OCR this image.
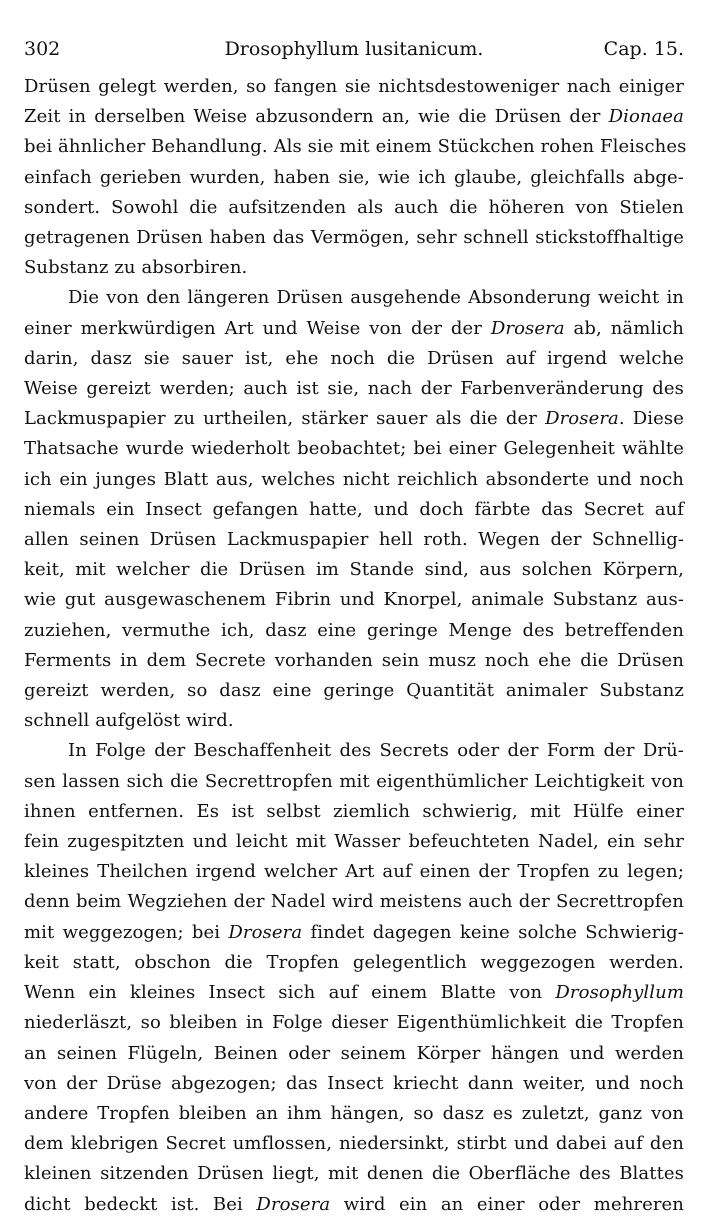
302	Drosophyllum lusitanicum.	Cap. 15.

Drüsen gelegt werden, so fangen sie nichtsdestoweniger nach einiger
Zeit in derselben Weise abzusondern an, wie die Drüsen der Dionaea
bei ähnlicher Behandlung. Als sie mit einem Stückchen rohen Fleisches
einfach gerieben wurden, haben sie, wie ich glaube, gleichfalls abge-
sondert. Sowohl die aufsitzenden als auch die höheren von Stielen
getragenen Drüsen haben das Vermögen, sehr schnell stickstoffhaltige
Substanz zu absorbiren.

Die von den längeren Drüsen ausgehende Absonderung weicht in
einer merkwürdigen Art und Weise von der der Drosera ab, nämlich
darin, dasz sie sauer ist, ehe noch die Drüsen auf irgend welche
Weise gereizt werden; auch ist sie, nach der Farbenveränderung des
Lackmuspapier zu urtheilen, stärker sauer als die der Drosera. Diese
Thatsache wurde wiederholt beobachtet; bei einer Gelegenheit wählte
ich ein junges Blatt aus, welches nicht reichlich absonderte und noch
niemals ein Insect gefangen hatte, und doch färbte das Secret auf
allen seinen Drüsen Lackmuspapier hell roth. Wegen der Schnellig-
keit, mit welcher die Drüsen im Stande sind, aus solchen Körpern,
wie gut ausgewaschenem Fibrin und Knorpel, animale Substanz aus-
zuziehen, vermuthe ich, dasz eine geringe Menge des betreffenden
Ferments in dem Secrete vorhanden sein musz noch ehe die Drüsen
gereizt werden, so dasz eine geringe Quantität animaler Substanz
schnell aufgelöst wird.

In Folge der Beschaffenheit des Secrets oder der Form der Drü-
sen lassen sich die Secrettropfen mit eigenthümlicher Leichtigkeit von
ihnen entfernen. Es ist selbst ziemlich schwierig, mit Hülfe einer
fein zugespitzten und leicht mit Wasser befeuchteten Nadel, ein sehr
kleines Theilchen irgend welcher Art auf einen der Tropfen zu legen;
denn beim Wegziehen der Nadel wird meistens auch der Secrettropfen
mit weggezogen; bei Drosera findet dagegen keine solche Schwierig-
keit statt, obschon die Tropfen gelegentlich weggezogen werden.
Wenn ein kleines Insect sich auf einem Blatte von Drosophyllum
niederläszt, so bleiben in Folge dieser Eigenthümlichkeit die Tropfen
an seinen Flügeln, Beinen oder seinem Körper hängen und werden
von der Drüse abgezogen; das Insect kriecht dann weiter, und noch
andere Tropfen bleiben an ihm hängen, so dasz es zuletzt, ganz von
dem klebrigen Secret umflossen, niedersinkt, stirbt und dabei auf den
kleinen sitzenden Drüsen liegt, mit denen die Oberfläche des Blattes
dicht bedeckt ist. Bei Drosera wird ein an einer oder mehreren
